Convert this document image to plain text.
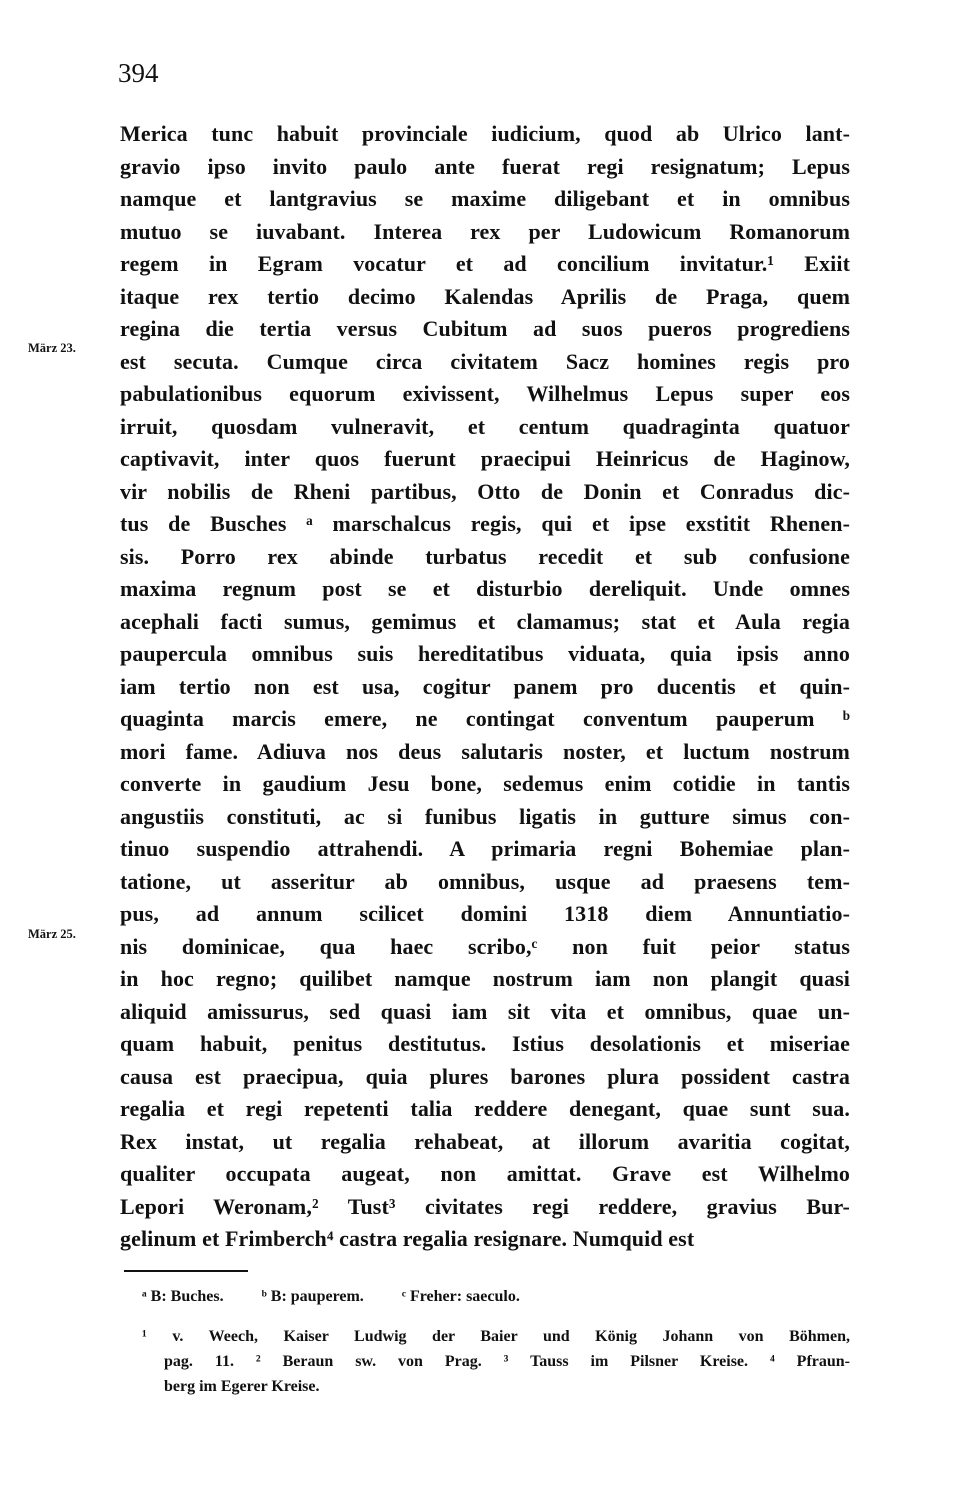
394
März 23.
März 25.
Merica tunc habuit provinciale iudicium, quod ab Ulrico lant-
gravio ipso invito paulo ante fuerat regi resignatum; Lepus
namque et lantgravius se maxime diligebant et in omnibus
mutuo se iuvabant. Interea rex per Ludowicum Romanorum
regem in Egram vocatur et ad concilium invitatur.¹ Exiit
itaque rex tertio decimo Kalendas Aprilis de Praga, quem
regina die tertia versus Cubitum ad suos pueros progrediens
est secuta. Cumque circa civitatem Sacz homines regis pro
pabulationibus equorum exivissent, Wilhelmus Lepus super eos
irruit, quosdam vulneravit, et centum quadraginta quatuor
captivavit, inter quos fuerunt praecipui Heinricus de Haginow,
vir nobilis de Rheni partibus, Otto de Donin et Conradus dic-
tus de Busches ᵃ marschalcus regis, qui et ipse exstitit Rhenen-
sis. Porro rex abinde turbatus recedit et sub confusione
maxima regnum post se et disturbio dereliquit. Unde omnes
acephali facti sumus, gemimus et clamamus; stat et Aula regia
paupercula omnibus suis hereditatibus viduata, quia ipsis anno
iam tertio non est usa, cogitur panem pro ducentis et quin-
quaginta marcis emere, ne contingat conventum pauperum ᵇ
mori fame. Adiuva nos deus salutaris noster, et luctum nostrum
converte in gaudium Jesu bone, sedemus enim cotidie in tantis
angustiis constituti, ac si funibus ligatis in gutture simus con-
tinuo suspendio attrahendi. A primaria regni Bohemiae plan-
tatione, ut asseritur ab omnibus, usque ad praesens tem-
pus, ad annum scilicet domini 1318 diem Annuntiatio-
nis dominicae, qua haec scribo,ᶜ non fuit peior status
in hoc regno; quilibet namque nostrum iam non plangit quasi
aliquid amissurus, sed quasi iam sit vita et omnibus, quae un-
quam habuit, penitus destitutus. Istius desolationis et miseriae
causa est praecipua, quia plures barones plura possident castra
regalia et regi repetenti talia reddere denegant, quae sunt sua.
Rex instat, ut regalia rehabeat, at illorum avaritia cogitat,
qualiter occupata augeat, non amittat. Grave est Wilhelmo
Lepori Weronam,² Tust³ civitates regi reddere, gravius Bur-
gelinum et Frimberch⁴ castra regalia resignare. Numquid est
ᵃ B: Buches. ᵇ B: pauperem. ᶜ Freher: saeculo.
¹ v. Weech, Kaiser Ludwig der Baier und König Johann von Böhmen,
pag. 11. ² Beraun sw. von Prag. ³ Tauss im Pilsner Kreise. ⁴ Pfraun-
berg im Egerer Kreise.
